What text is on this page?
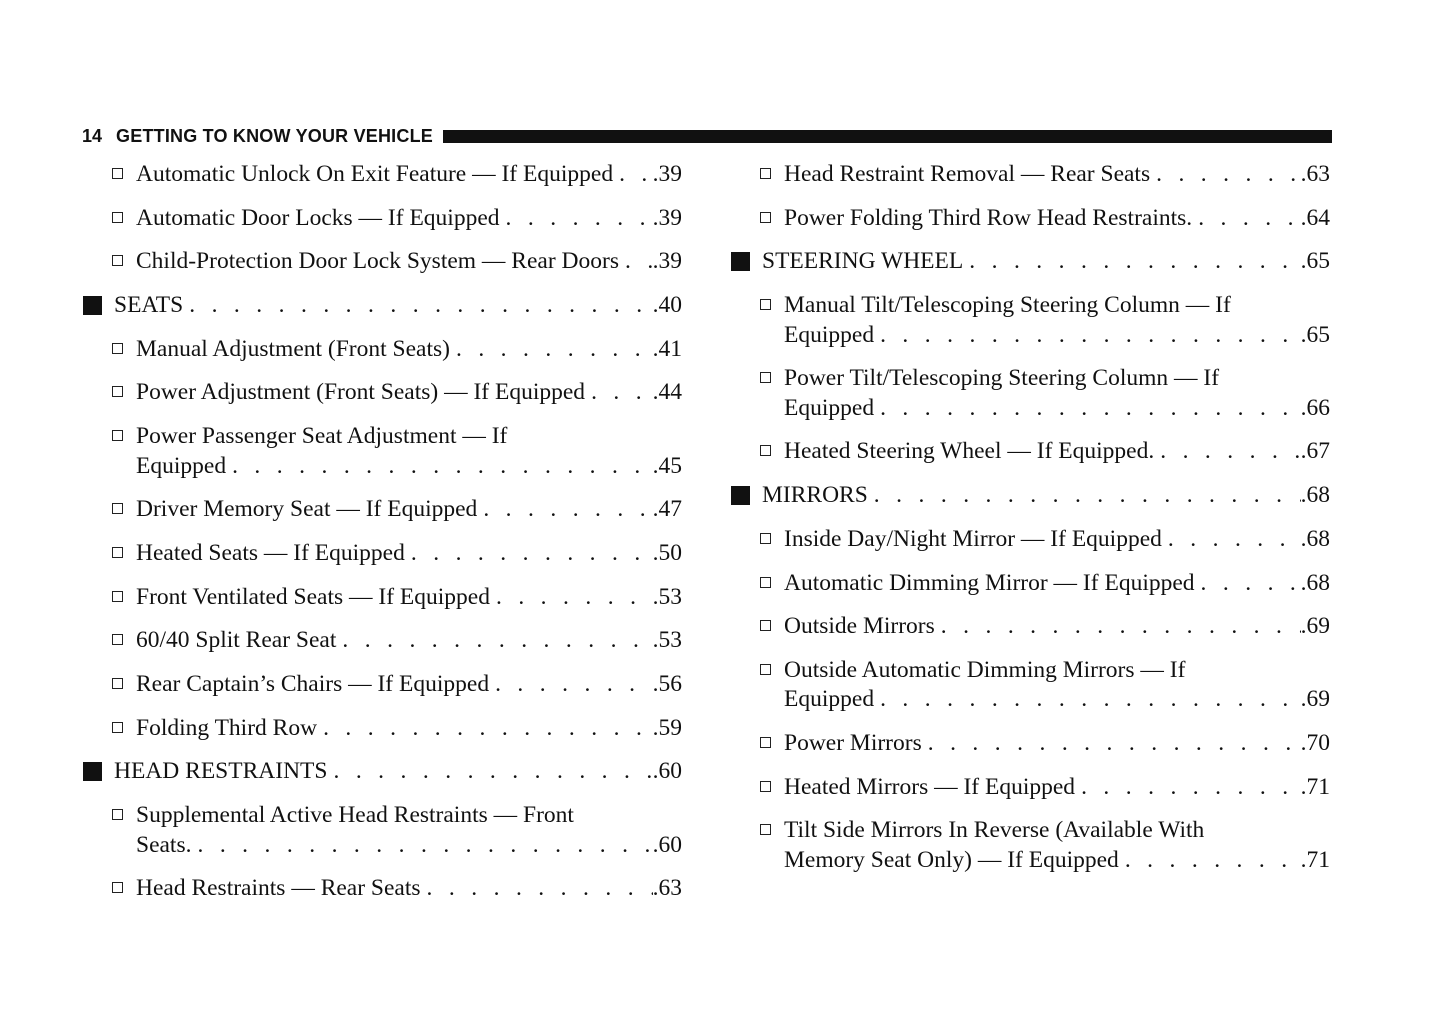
14 GETTING TO KNOW YOUR VEHICLE
Automatic Unlock On Exit Feature — If Equipped . . . .39
Automatic Door Locks — If Equipped . . .	.39
Child-Protection Door Lock System — Rear Doors . . . .39
SEATS . . .	.40
Manual Adjustment (Front Seats) . . .	.41
Power Adjustment (Front Seats) — If Equipped . . .	.44
Power Passenger Seat Adjustment — If
Equipped . . .	.45
Driver Memory Seat — If Equipped . . .	.47
Heated Seats — If Equipped . . .	.50
Front Ventilated Seats — If Equipped . . .	.53
60/40 Split Rear Seat . . .	.53
Rear Captain’s Chairs — If Equipped . . .	.56
Folding Third Row . . .	.59
HEAD RESTRAINTS . . .	.60
Supplemental Active Head Restraints — Front
Seats. . . .	.60
Head Restraints — Rear Seats . . .	.63
Head Restraint Removal — Rear Seats . . .	.63
Power Folding Third Row Head Restraints. . . .	.64
STEERING WHEEL . . .	.65
Manual Tilt/Telescoping Steering Column — If
Equipped . . .	.65
Power Tilt/Telescoping Steering Column — If
Equipped . . .	.66
Heated Steering Wheel — If Equipped. . . .	.67
MIRRORS . . .	.68
Inside Day/Night Mirror — If Equipped . . .	.68
Automatic Dimming Mirror — If Equipped . . .	.68
Outside Mirrors . . .	.69
Outside Automatic Dimming Mirrors — If
Equipped . . .	.69
Power Mirrors . . .	.70
Heated Mirrors — If Equipped . . .	.71
Tilt Side Mirrors In Reverse (Available With
Memory Seat Only) — If Equipped . . .	.71
